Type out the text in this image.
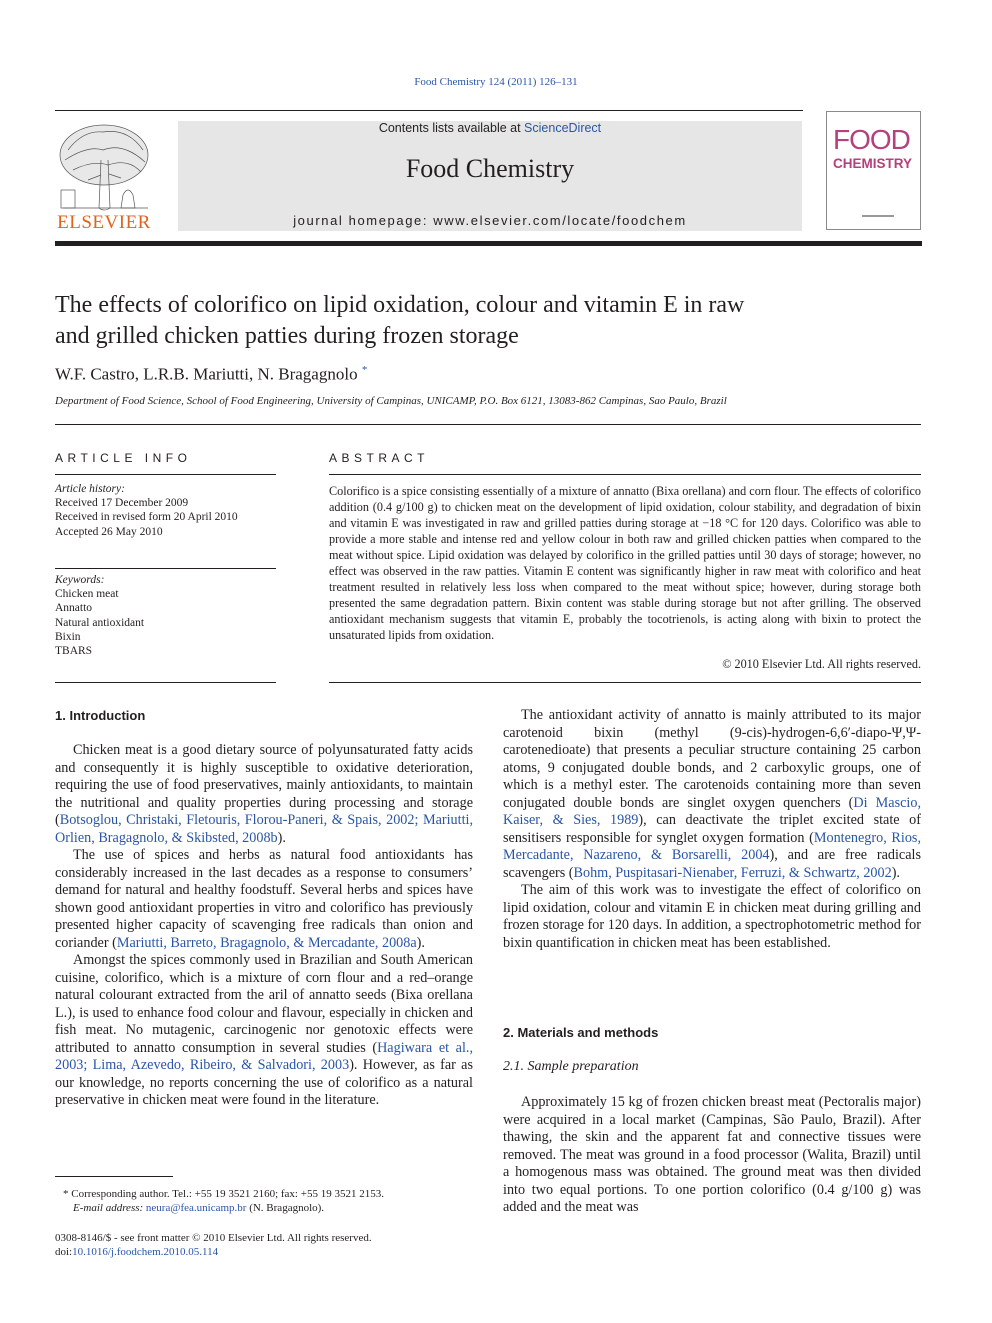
Food Chemistry 124 (2011) 126–131
ELSEVIER
Contents lists available at ScienceDirect
Food Chemistry
journal homepage: www.elsevier.com/locate/foodchem
FOOD
CHEMISTRY
The effects of colorifico on lipid oxidation, colour and vitamin E in raw
and grilled chicken patties during frozen storage
W.F. Castro, L.R.B. Mariutti, N. Bragagnolo *
Department of Food Science, School of Food Engineering, University of Campinas, UNICAMP, P.O. Box 6121, 13083-862 Campinas, Sao Paulo, Brazil
ARTICLE INFO
Article history:
Received 17 December 2009
Received in revised form 20 April 2010
Accepted 26 May 2010
Keywords:
Chicken meat
Annatto
Natural antioxidant
Bixin
TBARS
ABSTRACT
Colorifico is a spice consisting essentially of a mixture of annatto (Bixa orellana) and corn flour. The effects of colorifico addition (0.4 g/100 g) to chicken meat on the development of lipid oxidation, colour stability, and degradation of bixin and vitamin E was investigated in raw and grilled patties during storage at −18 °C for 120 days. Colorifico was able to provide a more stable and intense red and yellow colour in both raw and grilled chicken patties when compared to the meat without spice. Lipid oxidation was delayed by colorifico in the grilled patties until 30 days of storage; however, no effect was observed in the raw patties. Vitamin E content was significantly higher in raw meat with colorifico and heat treatment resulted in relatively less loss when compared to the meat without spice; however, during storage both presented the same degradation pattern. Bixin content was stable during storage but not after grilling. The observed antioxidant mechanism suggests that vitamin E, probably the tocotrienols, is acting along with bixin to protect the unsaturated lipids from oxidation.
© 2010 Elsevier Ltd. All rights reserved.
1. Introduction

Chicken meat is a good dietary source of polyunsaturated fatty acids and consequently it is highly susceptible to oxidative deterioration, requiring the use of food preservatives, mainly antioxidants, to maintain the nutritional and quality properties during processing and storage (Botsoglou, Christaki, Fletouris, Florou-Paneri, & Spais, 2002; Mariutti, Orlien, Bragagnolo, & Skibsted, 2008b).

The use of spices and herbs as natural food antioxidants has considerably increased in the last decades as a response to consumers’ demand for natural and healthy foodstuff. Several herbs and spices have shown good antioxidant properties in vitro and colorifico has previously presented higher capacity of scavenging free radicals than onion and coriander (Mariutti, Barreto, Bragagnolo, & Mercadante, 2008a).

Amongst the spices commonly used in Brazilian and South American cuisine, colorifico, which is a mixture of corn flour and a red–orange natural colourant extracted from the aril of annatto seeds (Bixa orellana L.), is used to enhance food colour and flavour, especially in chicken and fish meat. No mutagenic, carcinogenic nor genotoxic effects were attributed to annatto consumption in several studies (Hagiwara et al., 2003; Lima, Azevedo, Ribeiro, & Salvadori, 2003). However, as far as our knowledge, no reports concerning the use of colorifico as a natural preservative in chicken meat were found in the literature.

* Corresponding author. Tel.: +55 19 3521 2160; fax: +55 19 3521 2153.
E-mail address: neura@fea.unicamp.br (N. Bragagnolo).
0308-8146/$ - see front matter © 2010 Elsevier Ltd. All rights reserved.
doi:10.1016/j.foodchem.2010.05.114

The antioxidant activity of annatto is mainly attributed to its major carotenoid bixin (methyl (9-cis)-hydrogen-6,6′-diapo-Ψ,Ψ-carotenedioate) that presents a peculiar structure containing 25 carbon atoms, 9 conjugated double bonds, and 2 carboxylic groups, one of which is a methyl ester. The carotenoids containing more than seven conjugated double bonds are singlet oxygen quenchers (Di Mascio, Kaiser, & Sies, 1989), can deactivate the triplet excited state of sensitisers responsible for synglet oxygen formation (Montenegro, Rios, Mercadante, Nazareno, & Borsarelli, 2004), and are free radicals scavengers (Bohm, Puspitasari-Nienaber, Ferruzi, & Schwartz, 2002).

The aim of this work was to investigate the effect of colorifico on lipid oxidation, colour and vitamin E in chicken meat during grilling and frozen storage for 120 days. In addition, a spectrophotometric method for bixin quantification in chicken meat has been established.

2. Materials and methods
2.1. Sample preparation

Approximately 15 kg of frozen chicken breast meat (Pectoralis major) were acquired in a local market (Campinas, São Paulo, Brazil). After thawing, the skin and the apparent fat and connective tissues were removed. The meat was ground in a food processor (Walita, Brazil) until a homogenous mass was obtained. The ground meat was then divided into two equal portions. To one portion colorifico (0.4 g/100 g) was added and the meat was
